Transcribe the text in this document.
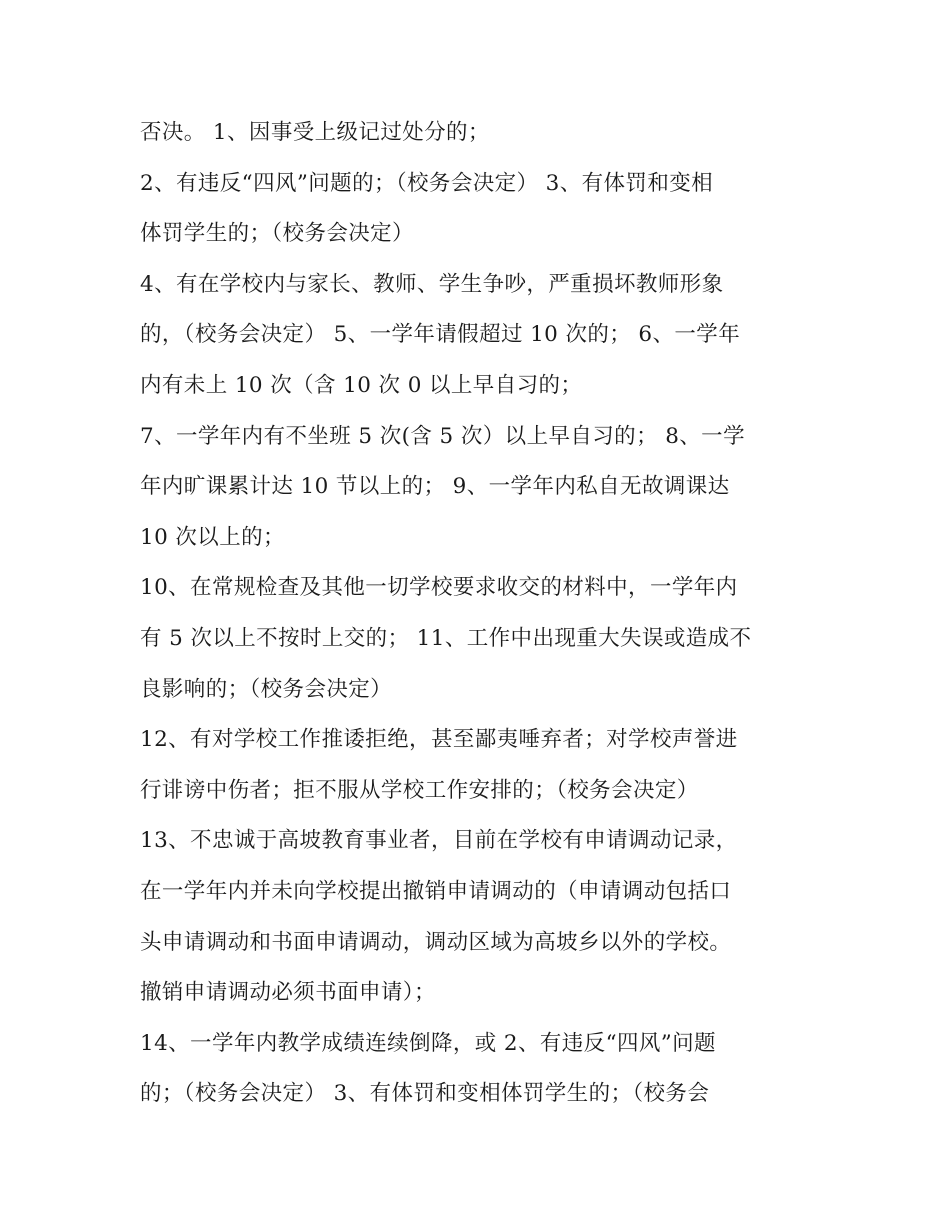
否决。 1、因事受上级记过处分的；
2、有违反“四风”问题的；（校务会决定） 3、有体罚和变相
体罚学生的；（校务会决定）
4、有在学校内与家长、教师、学生争吵，严重损坏教师形象
的，（校务会决定） 5、一学年请假超过 10 次的； 6、一学年
内有未上 10 次（含 10 次 0 以上早自习的；
7、一学年内有不坐班 5 次(含 5 次）以上早自习的； 8、一学
年内旷课累计达 10 节以上的； 9、一学年内私自无故调课达
10 次以上的；
10、在常规检查及其他一切学校要求收交的材料中，一学年内
有 5 次以上不按时上交的； 11、工作中出现重大失误或造成不
良影响的；（校务会决定）
12、有对学校工作推诿拒绝，甚至鄙夷唾弃者；对学校声誉进
行诽谤中伤者；拒不服从学校工作安排的；（校务会决定）
13、不忠诚于高坡教育事业者，目前在学校有申请调动记录，
在一学年内并未向学校提出撤销申请调动的（申请调动包括口
头申请调动和书面申请调动，调动区域为高坡乡以外的学校。
撤销申请调动必须书面申请）；
14、一学年内教学成绩连续倒降，或 2、有违反“四风”问题
的；（校务会决定） 3、有体罚和变相体罚学生的；（校务会
